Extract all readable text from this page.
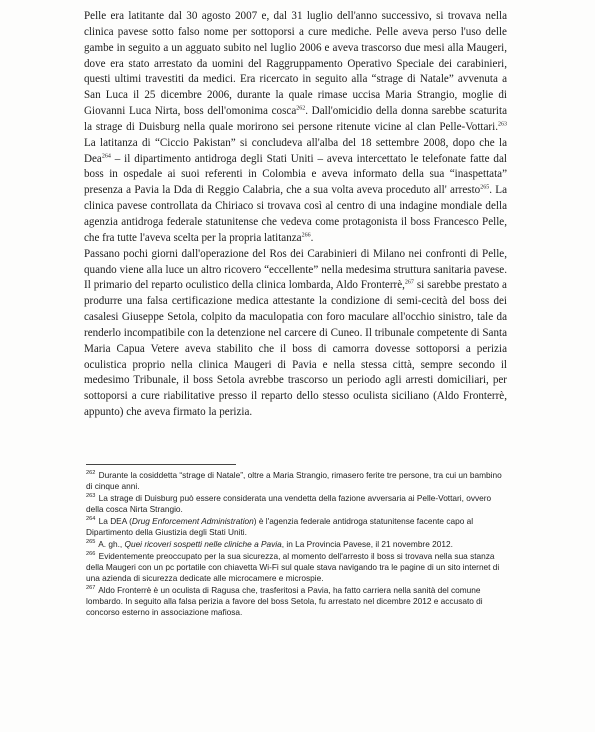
Pelle era latitante dal 30 agosto 2007 e, dal 31 luglio dell'anno successivo, si trovava nella clinica pavese sotto falso nome per sottoporsi a cure mediche. Pelle aveva perso l'uso delle gambe in seguito a un agguato subito nel luglio 2006 e aveva trascorso due mesi alla Maugeri, dove era stato arrestato da uomini del Raggruppamento Operativo Speciale dei carabinieri, questi ultimi travestiti da medici. Era ricercato in seguito alla “strage di Natale” avvenuta a San Luca il 25 dicembre 2006, durante la quale rimase uccisa Maria Strangio, moglie di Giovanni Luca Nirta, boss dell'omonima cosca$^{262}$. Dall'omicidio della donna sarebbe scaturita la strage di Duisburg nella quale morirono sei persone ritenute vicine al clan Pelle-Vottari.$^{263}$ La latitanza di “Ciccio Pakistan” si concludeva all'alba del 18 settembre 2008, dopo che la Dea$^{264}$ – il dipartimento antidroga degli Stati Uniti – aveva intercettato le telefonate fatte dal boss in ospedale ai suoi referenti in Colombia e aveva informato della sua “inaspettata” presenza a Pavia la Dda di Reggio Calabria, che a sua volta aveva proceduto all' arresto$^{265}$. La clinica pavese controllata da Chiriaco si trovava così al centro di una indagine mondiale della agenzia antidroga federale statunitense che vedeva come protagonista il boss Francesco Pelle, che fra tutte l'aveva scelta per la propria latitanza$^{266}$.

Passano pochi giorni dall'operazione del Ros dei Carabinieri di Milano nei confronti di Pelle, quando viene alla luce un altro ricovero “eccellente” nella medesima struttura sanitaria pavese. Il primario del reparto oculistico della clinica lombarda, Aldo Fronterrè,$^{267}$ si sarebbe prestato a produrre una falsa certificazione medica attestante la condizione di semi-cecità del boss dei casalesi Giuseppe Setola, colpito da maculopatia con foro maculare all'occhio sinistro, tale da renderlo incompatibile con la detenzione nel carcere di Cuneo. Il tribunale competente di Santa Maria Capua Vetere aveva stabilito che il boss di camorra dovesse sottoporsi a perizia oculistica proprio nella clinica Maugeri di Pavia e nella stessa città, sempre secondo il medesimo Tribunale, il boss Setola avrebbe trascorso un periodo agli arresti domiciliari, per sottoporsi a cure riabilitative presso il reparto dello stesso oculista siciliano (Aldo Fronterrè, appunto) che aveva firmato la perizia.

$^{262}$ Durante la cosiddetta “strage di Natale”, oltre a Maria Strangio, rimasero ferite tre persone, tra cui un bambino di cinque anni.

$^{263}$ La strage di Duisburg può essere considerata una vendetta della fazione avversaria ai Pelle-Vottari, ovvero della cosca Nirta Strangio.

$^{264}$ La DEA (Drug Enforcement Administration) è l'agenzia federale antidroga statunitense facente capo al Dipartimento della Giustizia degli Stati Uniti.

$^{265}$ A. gh., Quei ricoveri sospetti nelle cliniche a Pavia, in La Provincia Pavese, il 21 novembre 2012.

$^{266}$ Evidentemente preoccupato per la sua sicurezza, al momento dell'arresto il boss si trovava nella sua stanza della Maugeri con un pc portatile con chiavetta Wi-Fi sul quale stava navigando tra le pagine di un sito internet di una azienda di sicurezza dedicate alle microcamere e microspie.

$^{267}$ Aldo Fronterrè è un oculista di Ragusa che, trasferitosi a Pavia, ha fatto carriera nella sanità del comune lombardo. In seguito alla falsa perizia a favore del boss Setola, fu arrestato nel dicembre 2012 e accusato di concorso esterno in associazione mafiosa.
